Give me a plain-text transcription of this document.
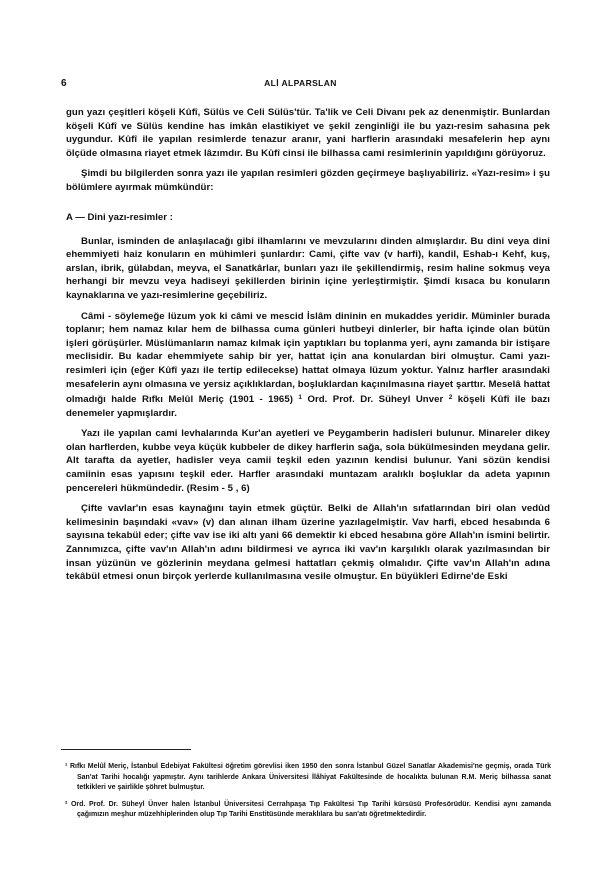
6	ALİ ALPARSLAN

gun yazı çeşitleri köşeli Kûfî, Sülüs ve Celi Sülüs'tür. Ta'lik ve Celi Divanı pek az denenmiştir. Bunlardan köşeli Kûfî ve Sülüs kendine has imkân elastikiyet ve şekil zenginliği ile bu yazı-resim sahasına pek uygundur. Kûfî ile yapılan resimlerde tenazur aranır, yani harflerin arasındaki mesafelerin hep aynı ölçüde olmasına riayet etmek lâzımdır. Bu Kûfî cinsi ile bilhassa cami resimlerinin yapıldığını görüyoruz.

Şimdi bu bilgilerden sonra yazı ile yapılan resimleri gözden geçirmeye başlıyabiliriz. «Yazı-resim» i şu bölümlere ayırmak mümkündür:

A — Dini yazı-resimler :

Bunlar, isminden de anlaşılacağı gibi ilhamlarını ve mevzularını dinden almışlardır. Bu dini veya dini ehemmiyeti haiz konuların en mühimleri şunlardır: Cami, çifte vav (v harfi), kandil, Eshab-ı Kehf, kuş, arslan, ibrik, gülabdan, meyva, el Sanatkârlar, bunları yazı ile şekillendirmiş, resim haline sokmuş veya herhangi bir mevzu veya hadiseyi şekillerden birinin içine yerleştirmiştir. Şimdi kısaca bu konuların kaynaklarına ve yazı-resimlerine geçebiliriz.

Câmi - söylemeğe lüzum yok ki câmi ve mescid İslâm dininin en mukaddes yeridir. Müminler burada toplanır; hem namaz kılar hem de bilhassa cuma günleri hutbeyi dinlerler, bir hafta içinde olan bütün işleri görüşürler. Müslümanların namaz kılmak için yaptıkları bu toplanma yeri, aynı zamanda bir istişare meclisidir. Bu kadar ehemmiyete sahip bir yer, hattat için ana konulardan biri olmuştur. Cami yazı-resimleri için (eğer Kûfî yazı ile tertip edilecekse) hattat olmaya lüzum yoktur. Yalnız harfler arasındaki mesafelerin aynı olmasına ve yersiz açıklıklardan, boşluklardan kaçınılmasına riayet şarttır. Meselâ hattat olmadığı halde Rıfkı Melûl Meriç (1901 - 1965) $^1$ Ord. Prof. Dr. Süheyl Unver $^2$ köşeli Kûfî ile bazı denemeler yapmışlardır.

Yazı ile yapılan cami levhalarında Kur'an ayetleri ve Peygamberin hadisleri bulunur. Minareler dikey olan harflerden, kubbe veya küçük kubbeler de dikey harflerin sağa, sola bükülmesinden meydana gelir. Alt tarafta da ayetler, hadisler veya camii teşkil eden yazının kendisi bulunur. Yani sözün kendisi camiinin esas yapısını teşkil eder. Harfler arasındaki muntazam aralıklı boşluklar da adeta yapının pencereleri hükmündedir. (Resim - 5 , 6)

Çifte vavlar'ın esas kaynağını tayin etmek güçtür. Belki de Allah'ın sıfatlarından biri olan vedûd kelimesinin başındaki «vav» (v) dan alınan ilham üzerine yazılagelmiştir. Vav harfi, ebced hesabında 6 sayısına tekabül eder; çifte vav ise iki altı yani 66 demektir ki ebced hesabına göre Allah'ın ismini belirtir. Zannımızca, çifte vav'ın Allah'ın adını bildirmesi ve ayrıca iki vav'ın karşılıklı olarak yazılmasından bir insan yüzünün ve gözlerinin meydana gelmesi hattatları çekmiş olmalıdır. Çifte vav'ın Allah'ın adına tekâbül etmesi onun birçok yerlerde kullanılmasına vesile olmuştur. En büyükleri Edirne'de Eski

¹ Rıfkı Melûl Meriç, İstanbul Edebiyat Fakültesi öğretim görevlisi iken 1950 den sonra İstanbul Güzel Sanatlar Akademisi'ne geçmiş, orada Türk San'at Tarihi hocalığı yapmıştır. Aynı tarihlerde Ankara Üniversitesi İlâhiyat Fakültesinde de hocalıkta bulunan R.M. Meriç bilhassa sanat tetkikleri ve şairlikle şöhret bulmuştur.

² Ord. Prof. Dr. Süheyl Ünver halen İstanbul Üniversitesi Cerrahpaşa Tıp Fakültesi Tıp Tarihi kürsüsü Profesörüdür. Kendisi aynı zamanda çağımızın meşhur müzehhiplerinden olup Tıp Tarihi Enstitüsünde meraklılara bu san'atı öğretmektedirdir.
